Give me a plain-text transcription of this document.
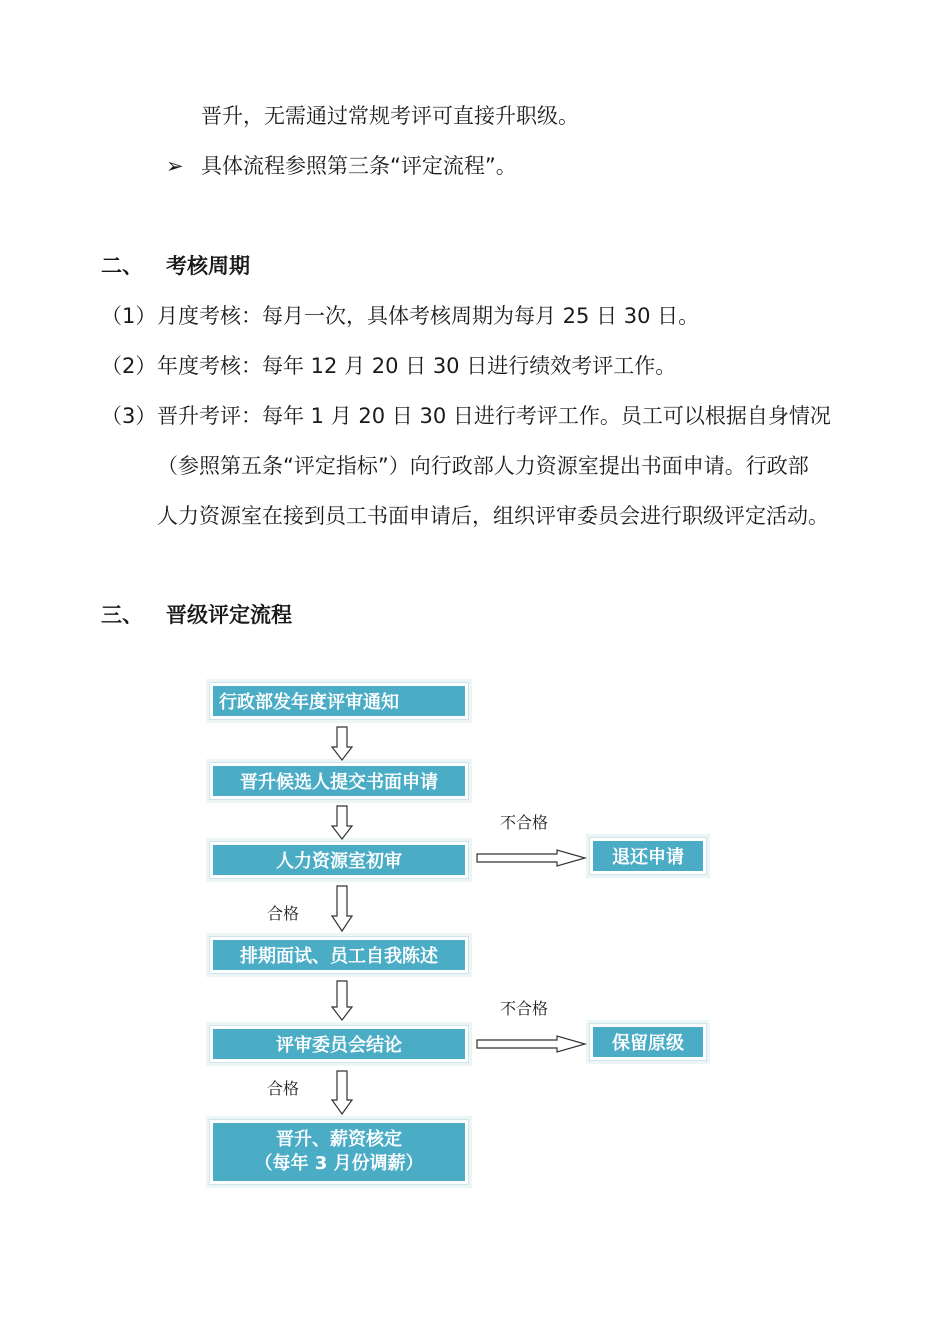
晋升，无需通过常规考评可直接升职级。
➢ 具体流程参照第三条“评定流程”。
二、 考核周期
（1） 月度考核：每月一次，具体考核周期为每月 25 日 30 日。
（2） 年度考核：每年 12 月 20 日 30 日进行绩效考评工作。
（3） 晋升考评：每年 1 月 20 日 30 日进行考评工作。员工可以根据自身情况
（参照第五条“评定指标”）向行政部人力资源室提出书面申请。行政部
人力资源室在接到员工书面申请后，组织评审委员会进行职级评定活动。
三、 晋级评定流程
行政部发年度评审通知
晋升候选人提交书面申请
人力资源室初审
排期面试、员工自我陈述
评审委员会结论
晋升、薪资核定
（每年 3 月份调薪）
退还申请
保留原级
不合格
不合格
合格
合格
